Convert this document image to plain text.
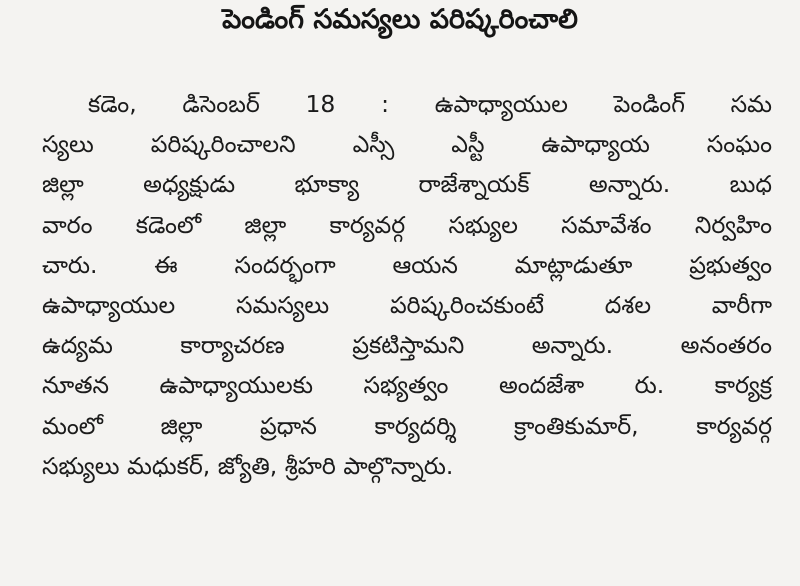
పెండింగ్ సమస్యలు పరిష్కరించాలి
కడెం, డిసెంబర్ 18 : ఉపాధ్యాయుల పెండింగ్ సమ
స్యలు పరిష్కరించాలని ఎస్సీ ఎస్టీ ఉపాధ్యాయ సంఘం
జిల్లా అధ్యక్షుడు భూక్యా రాజేశ్నాయక్ అన్నారు. బుధ
వారం కడెంలో జిల్లా కార్యవర్గ సభ్యుల సమావేశం నిర్వహిం
చారు. ఈ సందర్భంగా ఆయన మాట్లాడుతూ ప్రభుత్వం
ఉపాధ్యాయుల సమస్యలు పరిష్కరించకుంటే దశల వారీగా
ఉద్యమ కార్యాచరణ ప్రకటిస్తామని అన్నారు. అనంతరం
నూతన ఉపాధ్యాయులకు సభ్యత్వం అందజేశా రు. కార్యక్ర
మంలో జిల్లా ప్రధాన కార్యదర్శి క్రాంతికుమార్, కార్యవర్గ
సభ్యులు మధుకర్, జ్యోతి, శ్రీహరి పాల్గొన్నారు.
